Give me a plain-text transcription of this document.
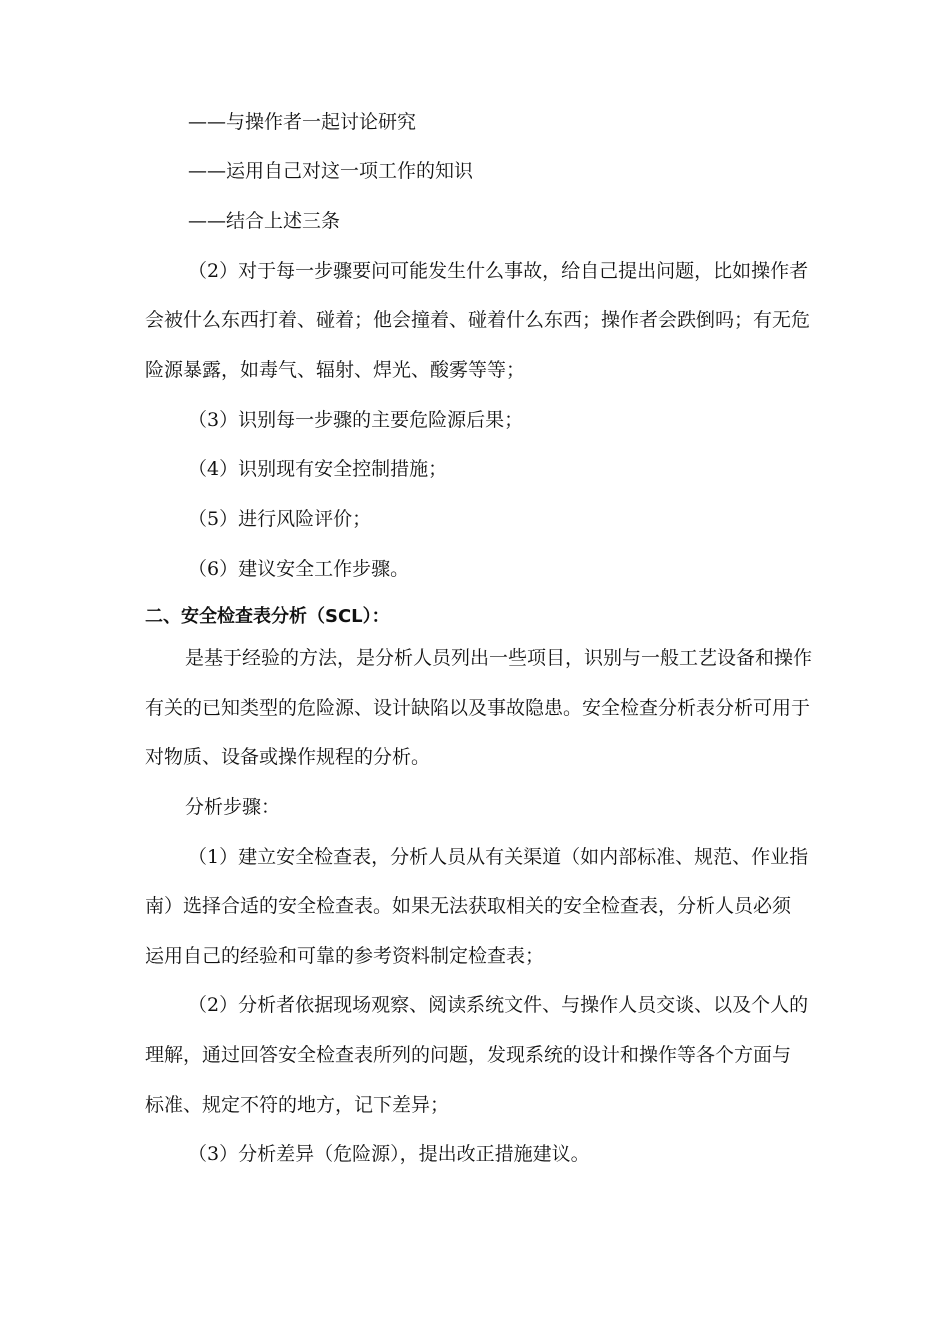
——与操作者一起讨论研究
——运用自己对这一项工作的知识
——结合上述三条
（2）对于每一步骤要问可能发生什么事故，给自己提出问题，比如操作者
会被什么东西打着、碰着；他会撞着、碰着什么东西；操作者会跌倒吗；有无危
险源暴露，如毒气、辐射、焊光、酸雾等等；
（3）识别每一步骤的主要危险源后果；
（4）识别现有安全控制措施；
（5）进行风险评价；
（6）建议安全工作步骤。
二、安全检查表分析（SCL）：
是基于经验的方法，是分析人员列出一些项目，识别与一般工艺设备和操作
有关的已知类型的危险源、设计缺陷以及事故隐患。安全检查分析表分析可用于
对物质、设备或操作规程的分析。
分析步骤：
（1）建立安全检查表，分析人员从有关渠道（如内部标准、规范、作业指
南）选择合适的安全检查表。如果无法获取相关的安全检查表，分析人员必须
运用自己的经验和可靠的参考资料制定检查表；
（2）分析者依据现场观察、阅读系统文件、与操作人员交谈、以及个人的
理解，通过回答安全检查表所列的问题，发现系统的设计和操作等各个方面与
标准、规定不符的地方，记下差异；
（3）分析差异（危险源），提出改正措施建议。
